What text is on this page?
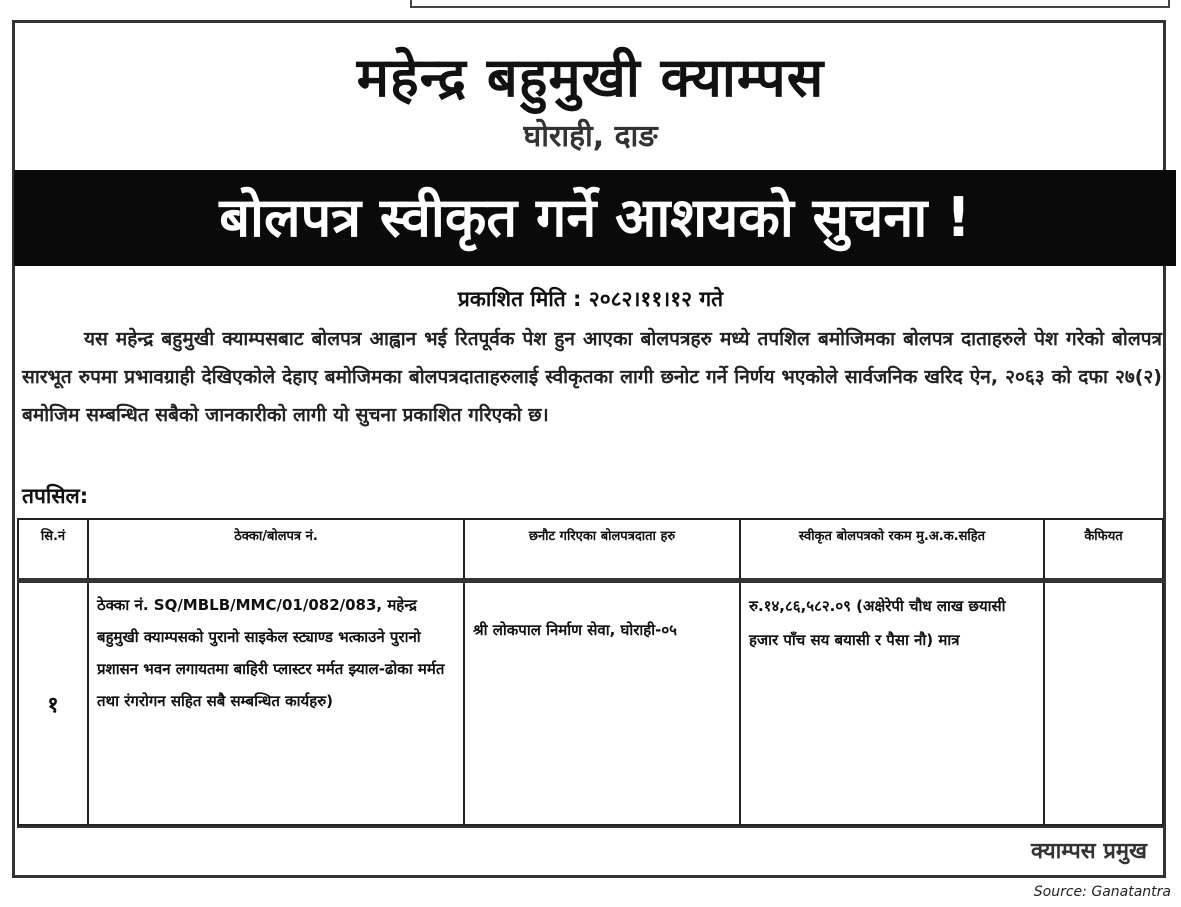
महेन्द्र बहुमुखी क्याम्पस
घोराही, दाङ
बोलपत्र स्वीकृत गर्ने आशयको सुचना !
प्रकाशित मिति : २०८२।११।१२ गते
यस महेन्द्र बहुमुखी क्याम्पसबाट बोलपत्र आह्वान भई रितपूर्वक पेश हुन आएका बोलपत्रहरु मध्ये तपशिल बमोजिमका बोलपत्र दाताहरुले पेश गरेको बोलपत्र सारभूत रुपमा प्रभावग्राही देखिएकोले देहाए बमोजिमका बोलपत्रदाताहरुलाई स्वीकृतका लागी छनोट गर्ने निर्णय भएकोले सार्वजनिक खरिद ऐन, २०६३ को दफा २७(२) बमोजिम सम्बन्धित सबैको जानकारीको लागी यो सुचना प्रकाशित गरिएको छ।
तपसिल:
सि.नं	ठेक्का/बोलपत्र नं.	छनौट गरिएका बोलपत्रदाता हरु	स्वीकृत बोलपत्रको रकम मु.अ.क.सहित	कैफियत
१	ठेक्का नं. SQ/MBLB/MMC/01/082/083, महेन्द्र बहुमुखी क्याम्पसको पुरानो साइकेल स्ट्याण्ड भत्काउने पुरानो प्रशासन भवन लगायतमा बाहिरी प्लास्टर मर्मत झ्याल-ढोका मर्मत तथा रंगरोगन सहित सबै सम्बन्धित कार्यहरु)	श्री लोकपाल निर्माण सेवा, घोराही-०५	रु.१४,८६,५८२.०९ (अक्षेरेपी चौध लाख छयासी हजार पाँच सय बयासी र पैसा नौ) मात्र	
क्याम्पस प्रमुख
Source: Ganatantra
